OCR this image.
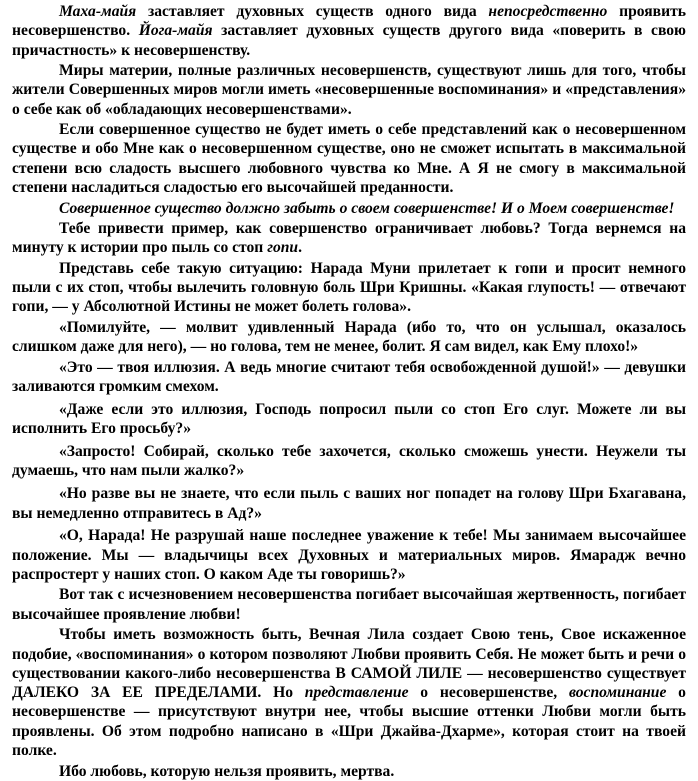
Маха-майя заставляет духовных существ одного вида непосредственно проявить несовершенство. Йога-майя заставляет духовных существ другого вида «поверить в свою причастность» к несовершенству.

Миры материи, полные различных несовершенств, существуют лишь для того, чтобы жители Совершенных миров могли иметь «несовершенные воспоминания» и «представления» о себе как об «обладающих несовершенствами».

Если совершенное существо не будет иметь о себе представлений как о несовершенном существе и обо Мне как о несовершенном существе, оно не сможет испытать в максимальной степени всю сладость высшего любовного чувства ко Мне. А Я не смогу в максимальной степени насладиться сладостью его высочайшей преданности.

Совершенное существо должно забыть о своем совершенстве! И о Моем совершенстве!

Тебе привести пример, как совершенство ограничивает любовь? Тогда вернемся на минуту к истории про пыль со стоп гопи.

Представь себе такую ситуацию: Нарада Муни прилетает к гопи и просит немного пыли с их стоп, чтобы вылечить головную боль Шри Кришны. «Какая глупость! — отвечают гопи, — у Абсолютной Истины не может болеть голова».

«Помилуйте, — молвит удивленный Нарада (ибо то, что он услышал, оказалось слишком даже для него), — но голова, тем не менее, болит. Я сам видел, как Ему плохо!»

«Это — твоя иллюзия. А ведь многие считают тебя освобожденной душой!» — девушки заливаются громким смехом.

«Даже если это иллюзия, Господь попросил пыли со стоп Его слуг. Можете ли вы исполнить Его просьбу?»

«Запросто! Собирай, сколько тебе захочется, сколько сможешь унести. Неужели ты думаешь, что нам пыли жалко?»

«Но разве вы не знаете, что если пыль с ваших ног попадет на голову Шри Бхагавана, вы немедленно отправитесь в Ад?»

«О, Нарада! Не разрушай наше последнее уважение к тебе! Мы занимаем высочайшее положение. Мы — владычицы всех Духовных и материальных миров. Ямарадж вечно распростерт у наших стоп. О каком Аде ты говоришь?»

Вот так с исчезновением несовершенства погибает высочайшая жертвенность, погибает высочайшее проявление любви!

Чтобы иметь возможность быть, Вечная Лила создает Свою тень, Свое искаженное подобие, «воспоминания» о котором позволяют Любви проявить Себя. Не может быть и речи о существовании какого-либо несовершенства В САМОЙ ЛИЛЕ — несовершенство существует ДАЛЕКО ЗА ЕЕ ПРЕДЕЛАМИ. Но представление о несовершенстве, воспоминание о несовершенстве — присутствуют внутри нее, чтобы высшие оттенки Любви могли быть проявлены. Об этом подробно написано в «Шри Джайва-Дхарме», которая стоит на твоей полке.

Ибо любовь, которую нельзя проявить, мертва.
